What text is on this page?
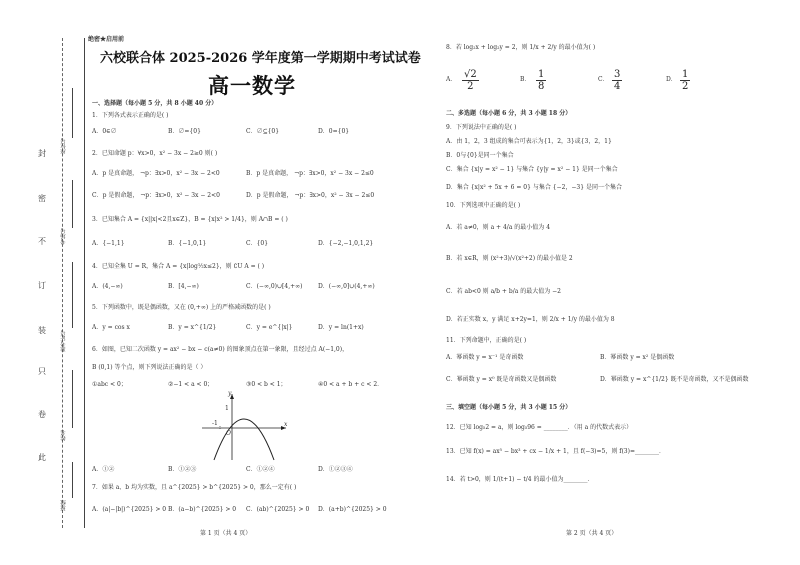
封
密
不
订
装
只
卷
此
座位号
考场号
准考证号
姓名
班级
绝密★启用前
六校联合体 2025-2026 学年度第一学期期中考试试卷
高一数学
一、选择题（每小题 5 分，共 8 小题 40 分）
1．下列各式表示正确的是( )
A．0∈∅	B．∅={0}	C．∅⊆{0}	D．0={0}
2．已知命题 p：∀x>0，x² − 3x − 2≥0 则( )
A．p 是真命题， ¬p：∃x>0，x² − 3x − 2<0	B．p 是真命题， ¬p：∃x>0，x² − 3x − 2≤0
C．p 是假命题， ¬p：∃x>0，x² − 3x − 2<0	D．p 是假命题， ¬p：∃x>0，x² − 3x − 2≤0
3．已知集合 A = {x||x|<2且x∈Z}，B = {x|x² > 1/4}，则 A∩B = ( )
A．{−1,1}	B．{−1,0,1}	C．{0}	D．{−2,−1,0,1,2}
4．已知全集 U = R，集合 A = {x|log½x≤2}，则 ∁U A = ( )
A．(4,−∞)	B．[4,−∞)	C．(−∞,0)∪[4,+∞)	D．(−∞,0]∪(4,+∞)
5．下列函数中，既是偶函数，又在 (0,+∞) 上的严格减函数的是( )
A．y = cos x	B．y = x^{1/2}	C．y = e^{|x|}	D．y = ln(1+x)
6．如图，已知二次函数 y = ax² − bx − c(a≠0) 的图象顶点在第一象限，且经过点 A(−1,0)，
B (0,1) 等个点，则下列说法正确的是（ ）
①abc < 0；	②−1 < a < 0；	③0 < b < 1；	④0 < a + b + c < 2．
y
x
O
-1
1
A．①②	B．①②③	C．①②④	D．①②③④
7．如果 a、b 均为实数，且 a^{2025} > b^{2025} > 0，那么一定有( )
A．(a|−|b|)^{2025} > 0 B．(a−b)^{2025} > 0 C．(ab)^{2025} > 0 D．(a+b)^{2025} > 0
第 1 页（共 4 页）
8．若 log₂x + log₂y = 2，则 1/x + 2/y 的最小值为( )
A． $\frac{√2}{2}$	B． $\frac{1}{8}$	C． $\frac{3}{4}$	D． $\frac{1}{2}$
二、多选题（每小题 6 分，共 3 小题 18 分）
9．下列说法中正确的是( )
A．由 1，2，3 组成的集合可表示为{1，2，3}或{3，2，1}
B．0与{0}是同一个集合
C．集合 {x|y = x² − 1} 与集合 {y|y = x² − 1} 是同一个集合
D．集合 {x|x² + 5x + 6 = 0} 与集合 {−2，−3} 是同一个集合
10．下列选项中正确的是( )
A．若 a≠0，则 a + 4/a 的最小值为 4
B．若 x∈R，则 (x²+3)/√(x²+2) 的最小值是 2
C．若 ab<0 则 a/b + b/a 的最大值为 −2
D．若正实数 x，y 满足 x+2y=1，则 2/x + 1/y 的最小值为 8
11．下列命题中，正确的是( )
A．幂函数 y = x⁻¹ 是奇函数	B．幂函数 y = x² 是偶函数
C．幂函数 y = x⁰ 既是奇函数又是偶函数	D．幂函数 y = x^{1/2} 既不是奇函数，又不是偶函数
三、填空题（每小题 5 分，共 3 小题 15 分）
12．已知 log₅2 = a，则 log₅96 = ________．（用 a 的代数式表示）
13．已知 f(x) = ax⁵ − bx³ + cx − 1/x + 1，且 f(−3)=5，则 f(3)=________．
14．若 t>0，则 1/(t+1) − t/4 的最小值为________．
第 2 页（共 4 页）
